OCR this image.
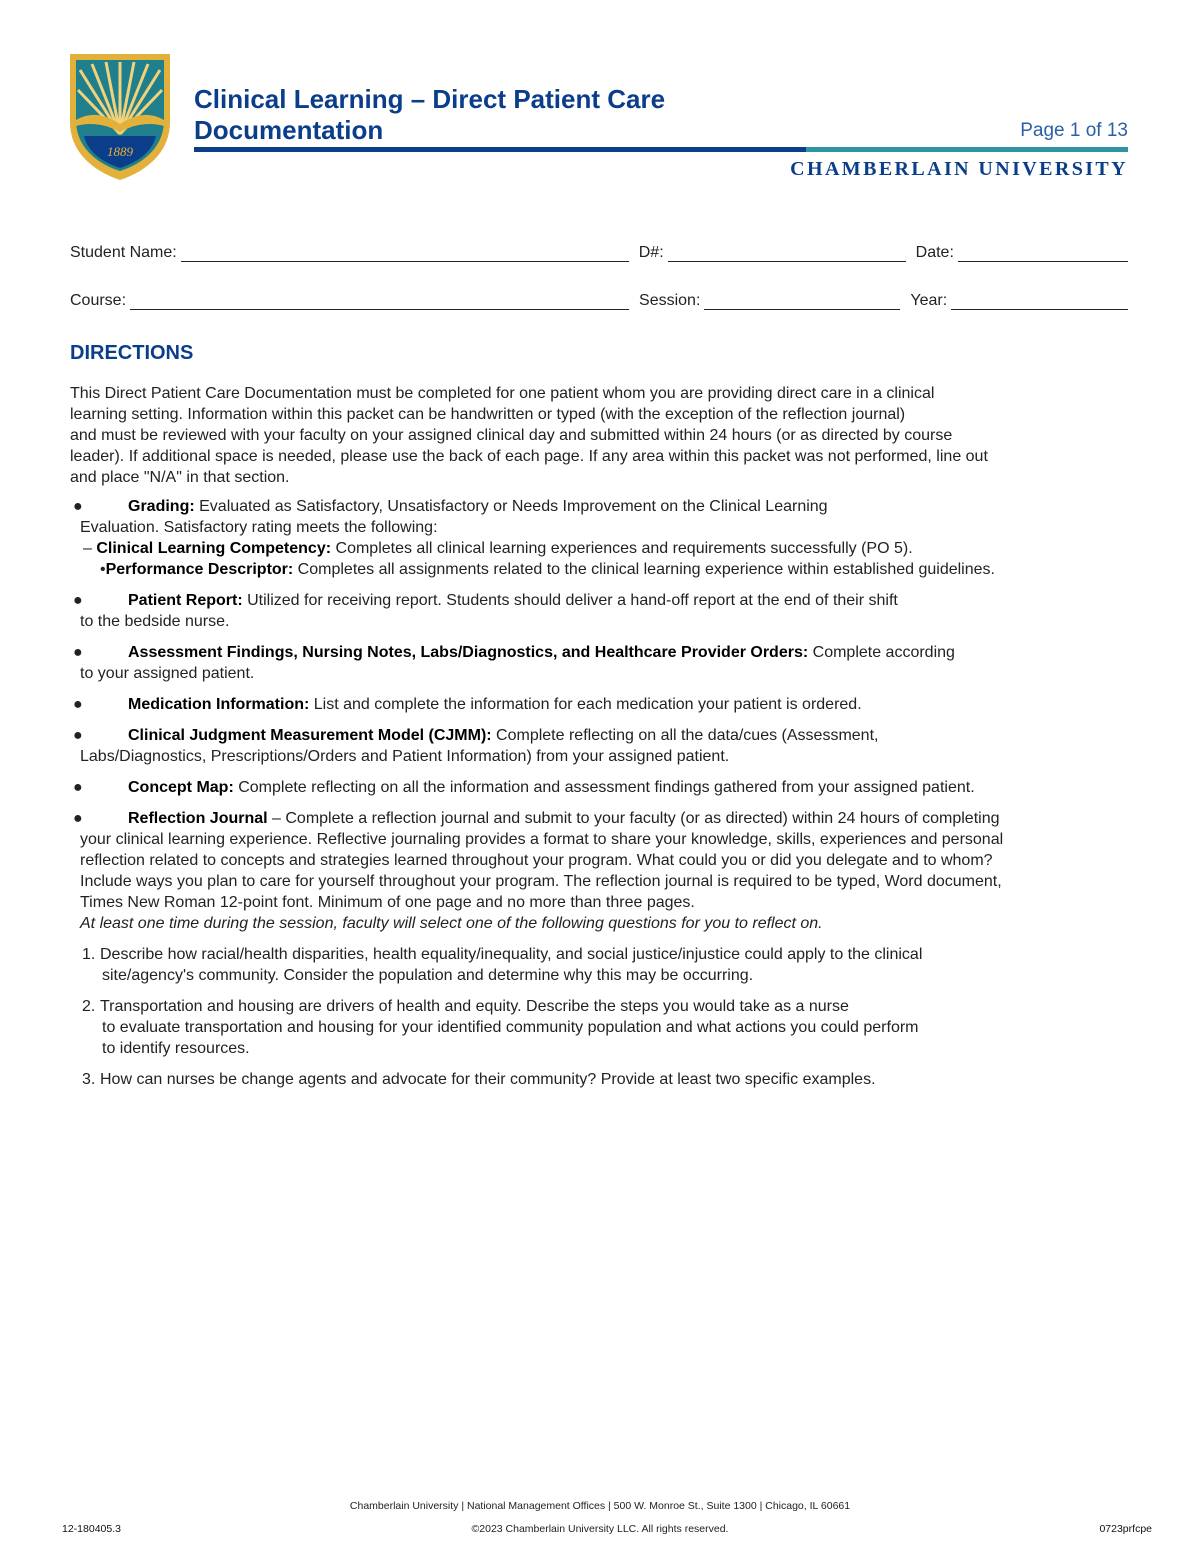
1889
Clinical Learning – Direct Patient Care
Documentation	Page 1 of 13
CHAMBERLAIN UNIVERSITY
Student Name:	D#:	Date:
Course:	Session:	Year:
DIRECTIONS

This Direct Patient Care Documentation must be completed for one patient whom you are providing direct care in a clinical

learning setting. Information within this packet can be handwritten or typed (with the exception of the reflection journal)

and must be reviewed with your faculty on your assigned clinical day and submitted within 24 hours (or as directed by course

leader). If additional space is needed, please use the back of each page. If any area within this packet was not performed, line out

and place "N/A" in that section.

●	Grading: Evaluated as Satisfactory, Unsatisfactory or Needs Improvement on the Clinical Learning

Evaluation. Satisfactory rating meets the following:

– Clinical Learning Competency: Completes all clinical learning experiences and requirements successfully (PO 5).

•Performance Descriptor: Completes all assignments related to the clinical learning experience within established guidelines.

●	Patient Report: Utilized for receiving report. Students should deliver a hand-off report at the end of their shift

to the bedside nurse.

●	Assessment Findings, Nursing Notes, Labs/Diagnostics, and Healthcare Provider Orders: Complete according

to your assigned patient.

●	Medication Information: List and complete the information for each medication your patient is ordered.
●	Clinical Judgment Measurement Model (CJMM): Complete reflecting on all the data/cues (Assessment,

Labs/Diagnostics, Prescriptions/Orders and Patient Information) from your assigned patient.

●	Concept Map: Complete reflecting on all the information and assessment findings gathered from your assigned patient.
●	Reflection Journal – Complete a reflection journal and submit to your faculty (or as directed) within 24 hours of completing

your clinical learning experience. Reflective journaling provides a format to share your knowledge, skills, experiences and personal

reflection related to concepts and strategies learned throughout your program. What could you or did you delegate and to whom?

Include ways you plan to care for yourself throughout your program. The reflection journal is required to be typed, Word document,

Times New Roman 12-point font. Minimum of one page and no more than three pages.

At least one time during the session, faculty will select one of the following questions for you to reflect on.

1. Describe how racial/health disparities, health equality/inequality, and social justice/injustice could apply to the clinical
site/agency's community. Consider the population and determine why this may be occurring.
2. Transportation and housing are drivers of health and equity. Describe the steps you would take as a nurse
to evaluate transportation and housing for your identified community population and what actions you could perform
to identify resources.
3. How can nurses be change agents and advocate for their community? Provide at least two specific examples.
Chamberlain University | National Management Offices | 500 W. Monroe St., Suite 1300 | Chicago, IL 60661
©2023 Chamberlain University LLC. All rights reserved.
12-180405.3	0723prfcpe
